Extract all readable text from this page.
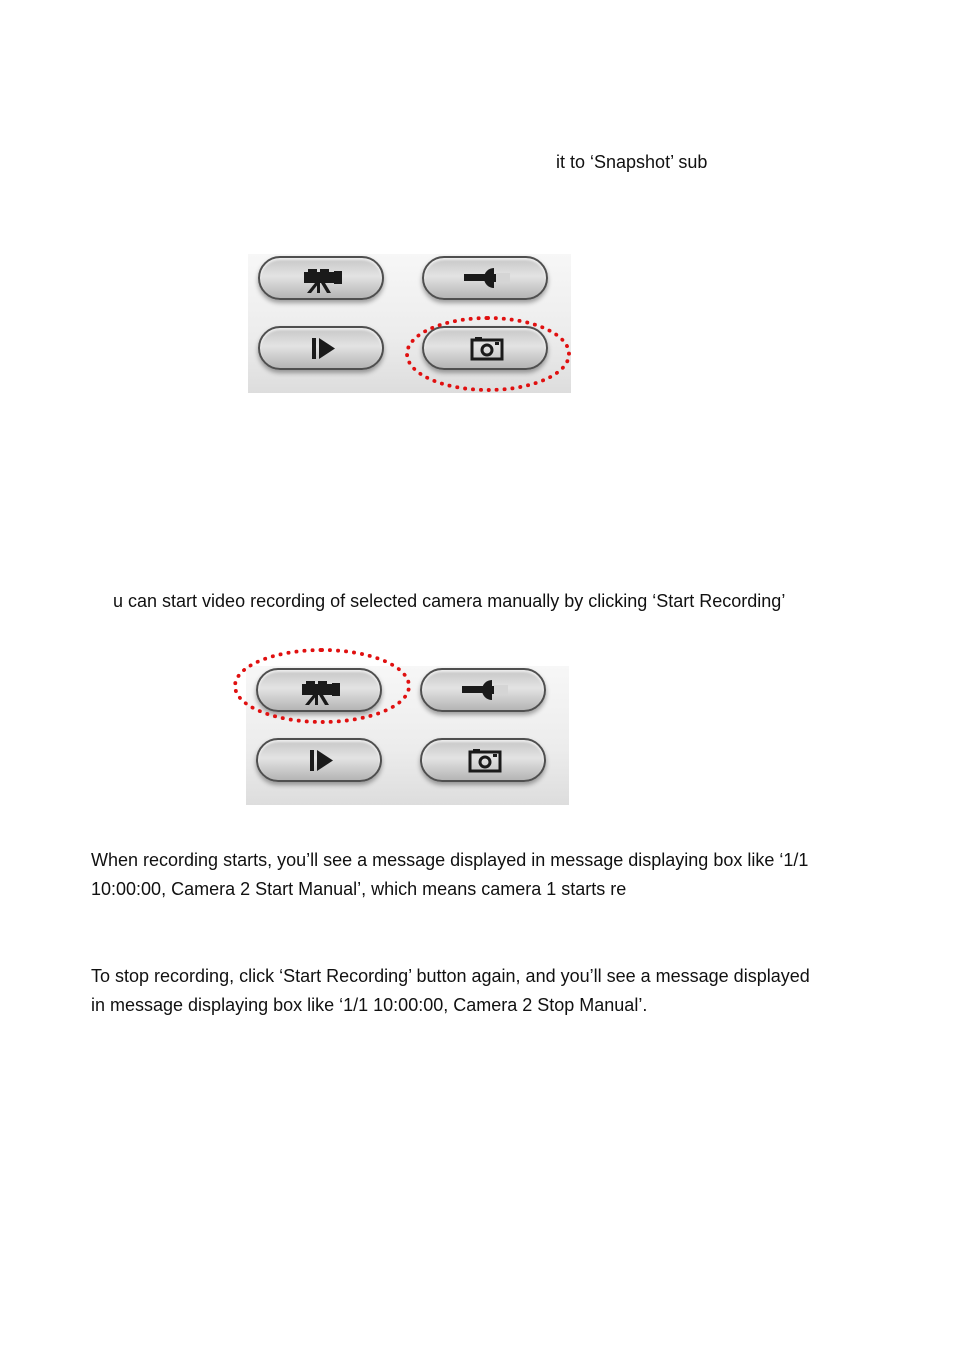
it to ‘Snapshot’ sub
u can start video recording of selected camera manually by clicking ‘Start Recording’
When recording starts, you’ll see a message displayed in message displaying box like ‘1/1
10:00:00, Camera 2 Start Manual’, which means camera 1 starts re
To stop recording, click ‘Start Recording’ button again, and you’ll see a message displayed
in message displaying box like ‘1/1 10:00:00, Camera 2 Stop Manual’.
